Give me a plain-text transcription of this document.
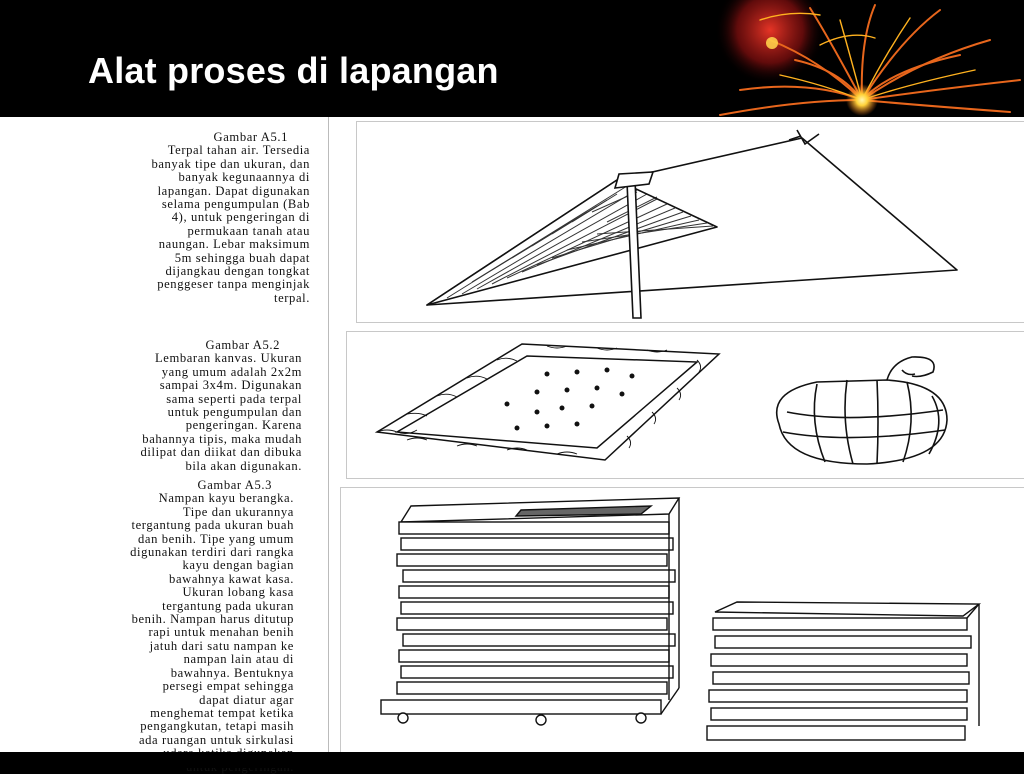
Alat proses di lapangan
Gambar A5.1
Terpal tahan air. Tersedia
banyak tipe dan ukuran, dan
banyak kegunaannya di
lapangan. Dapat digunakan
selama pengumpulan (Bab
4), untuk pengeringan di
permukaan tanah atau
naungan. Lebar maksimum
5m sehingga buah dapat
dijangkau dengan tongkat
penggeser tanpa menginjak
terpal.
Gambar A5.2
Lembaran kanvas. Ukuran
yang umum adalah 2x2m
sampai 3x4m. Digunakan
sama seperti pada terpal
untuk pengumpulan dan
pengeringan. Karena
bahannya tipis, maka mudah
dilipat dan diikat dan dibuka
bila akan digunakan.
Gambar A5.3
Nampan kayu berangka.
Tipe dan ukurannya
tergantung pada ukuran buah
dan benih. Tipe yang umum
digunakan terdiri dari rangka
kayu dengan bagian
bawahnya kawat kasa.
Ukuran lobang kasa
tergantung pada ukuran
benih. Nampan harus ditutup
rapi untuk menahan benih
jatuh dari satu nampan ke
nampan lain atau di
bawahnya. Bentuknya
persegi empat sehingga
dapat diatur agar
menghemat tempat ketika
pengangkutan, tetapi masih
ada ruangan untuk sirkulasi
